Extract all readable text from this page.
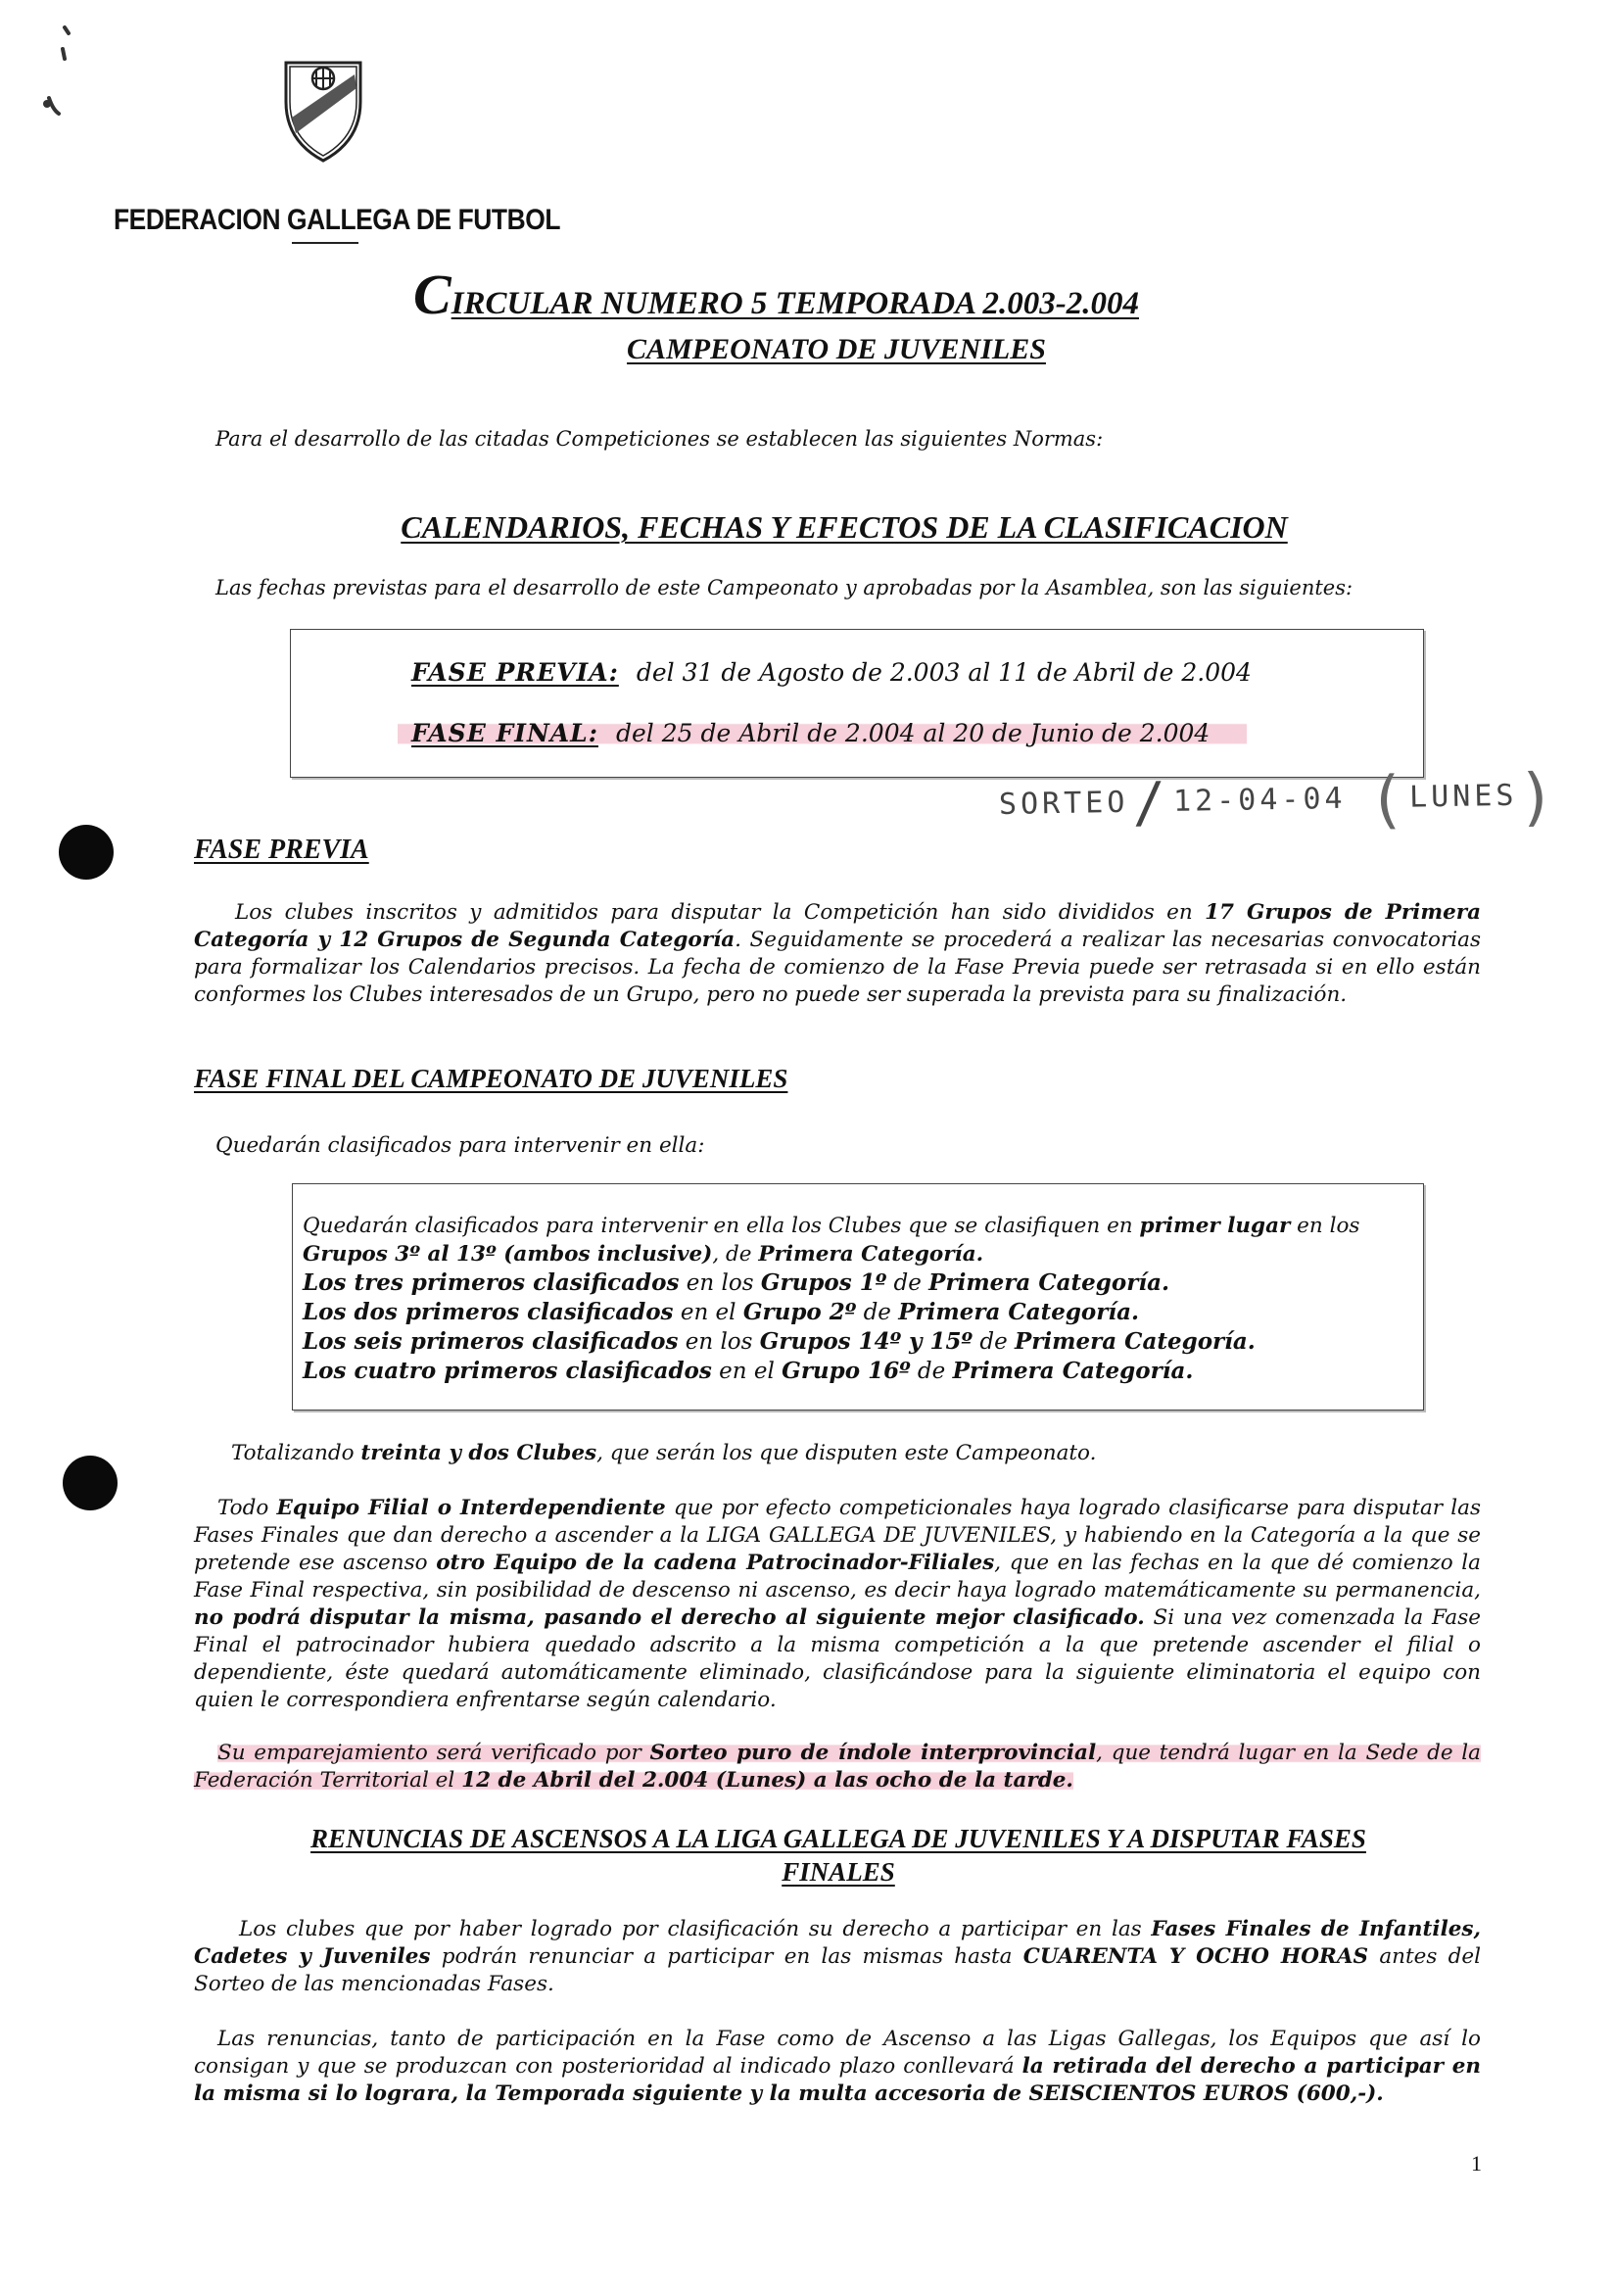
FEDERACION GALLEGA DE FUTBOL
CIRCULAR NUMERO 5 TEMPORADA 2.003-2.004
CAMPEONATO DE JUVENILES
Para el desarrollo de las citadas Competiciones se establecen las siguientes Normas:
CALENDARIOS, FECHAS Y EFECTOS DE LA CLASIFICACION
Las fechas previstas para el desarrollo de este Campeonato y aprobadas por la Asamblea, son las siguientes:
FASE PREVIA: del 31 de Agosto de 2.003 al 11 de Abril de 2.004
FASE FINAL: del 25 de Abril de 2.004 al 20 de Junio de 2.004
SORTEO/ 12-04-04 (LUNES)
FASE PREVIA
Los clubes inscritos y admitidos para disputar la Competición han sido divididos en 17 Grupos de Primera Categoría y 12 Grupos de Segunda Categoría. Seguidamente se procederá a realizar las necesarias convocatorias para formalizar los Calendarios precisos. La fecha de comienzo de la Fase Previa puede ser retrasada si en ello están conformes los Clubes interesados de un Grupo, pero no puede ser superada la prevista para su finalización.
FASE FINAL DEL CAMPEONATO DE JUVENILES
Quedarán clasificados para intervenir en ella:
Quedarán clasificados para intervenir en ella los Clubes que se clasifiquen en primer lugar en los
Grupos 3º al 13º (ambos inclusive), de Primera Categoría.
Los tres primeros clasificados en los Grupos 1º de Primera Categoría.
Los dos primeros clasificados en el Grupo 2º de Primera Categoría.
Los seis primeros clasificados en los Grupos 14º y 15º de Primera Categoría.
Los cuatro primeros clasificados en el Grupo 16º de Primera Categoría.
Totalizando treinta y dos Clubes, que serán los que disputen este Campeonato.
Todo Equipo Filial o Interdependiente que por efecto competicionales haya logrado clasificarse para disputar las Fases Finales que dan derecho a ascender a la LIGA GALLEGA DE JUVENILES, y habiendo en la Categoría a la que se pretende ese ascenso otro Equipo de la cadena Patrocinador-Filiales, que en las fechas en la que dé comienzo la Fase Final respectiva, sin posibilidad de descenso ni ascenso, es decir haya logrado matemáticamente su permanencia, no podrá disputar la misma, pasando el derecho al siguiente mejor clasificado. Si una vez comenzada la Fase Final el patrocinador hubiera quedado adscrito a la misma competición a la que pretende ascender el filial o dependiente, éste quedará automáticamente eliminado, clasificándose para la siguiente eliminatoria el equipo con quien le correspondiera enfrentarse según calendario.
Su emparejamiento será verificado por Sorteo puro de índole interprovincial, que tendrá lugar en la Sede de la Federación Territorial el 12 de Abril del 2.004 (Lunes) a las ocho de la tarde.
RENUNCIAS DE ASCENSOS A LA LIGA GALLEGA DE JUVENILES Y A DISPUTAR FASES
FINALES
Los clubes que por haber logrado por clasificación su derecho a participar en las Fases Finales de Infantiles, Cadetes y Juveniles podrán renunciar a participar en las mismas hasta CUARENTA Y OCHO HORAS antes del Sorteo de las mencionadas Fases.
Las renuncias, tanto de participación en la Fase como de Ascenso a las Ligas Gallegas, los Equipos que así lo consigan y que se produzcan con posterioridad al indicado plazo conllevará la retirada del derecho a participar en la misma si lo lograra, la Temporada siguiente y la multa accesoria de SEISCIENTOS EUROS (600,-).
1
